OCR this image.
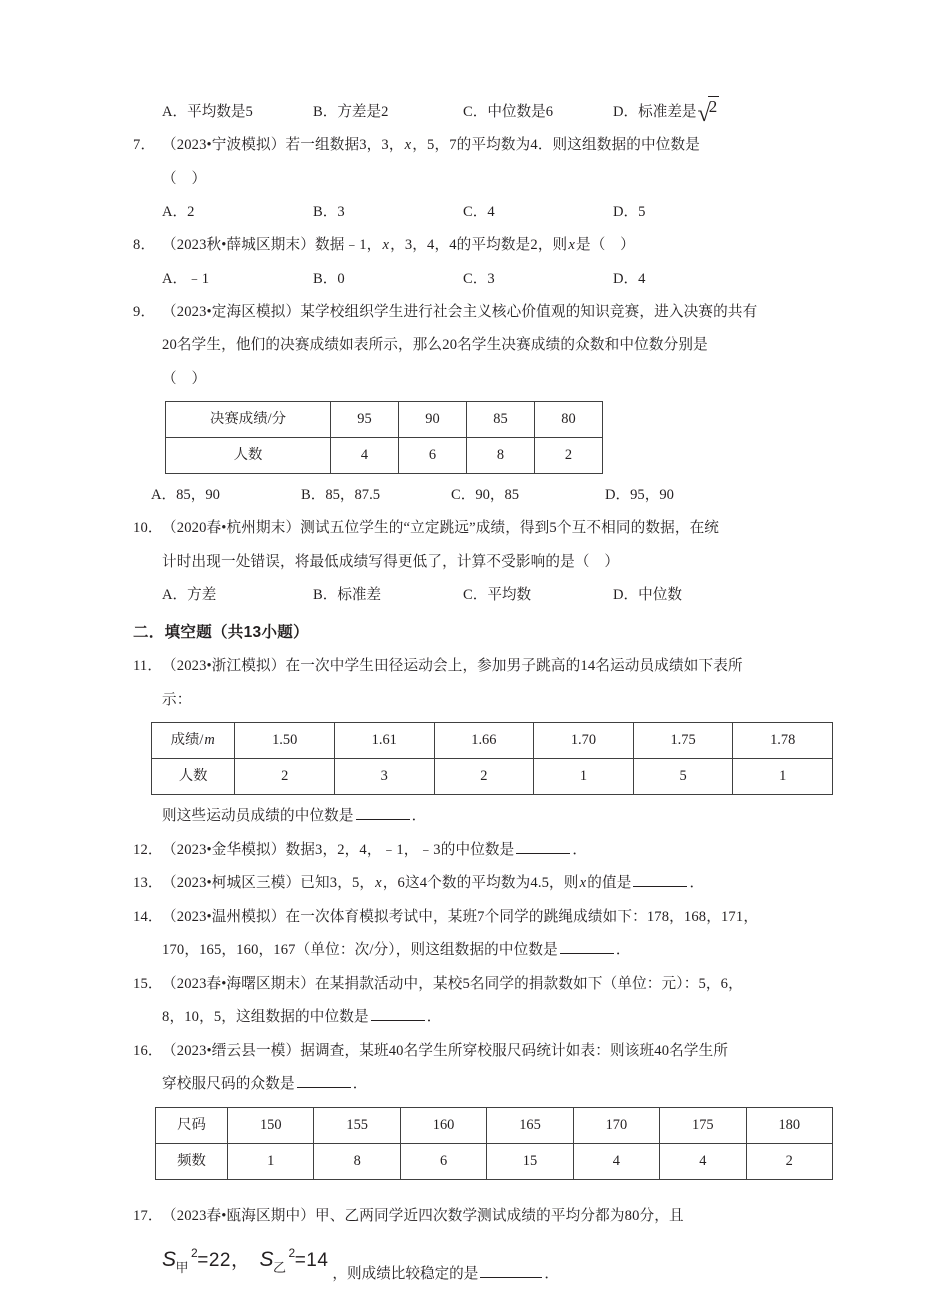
A．平均数是5	B．方差是2	C．中位数是6	D．标准差是√2
7． （2023•宁波模拟）若一组数据3，3，x，5，7的平均数为4．则这组数据的中位数是
（　）
A．2	B．3	C．4	D．5
8． （2023秋•薛城区期末）数据﹣1，x，3，4，4的平均数是2，则x是（　）
A．﹣1	B．0	C．3	D．4
9． （2023•定海区模拟）某学校组织学生进行社会主义核心价值观的知识竞赛，进入决赛的共有
20名学生，他们的决赛成绩如表所示，那么20名学生决赛成绩的众数和中位数分别是
（　）
决赛成绩/分	95	90	85	80
人数	4	6	8	2
A．85，90	B．85，87.5	C．90，85	D．95，90
10．（2020春•杭州期末）测试五位学生的“立定跳远”成绩，得到5个互不相同的数据，在统
计时出现一处错误，将最低成绩写得更低了，计算不受影响的是（　）
A．方差	B．标准差	C．平均数	D．中位数
二．填空题（共13小题）
11．（2023•浙江模拟）在一次中学生田径运动会上，参加男子跳高的14名运动员成绩如下表所
示：
成绩/m	1.50	1.61	1.66	1.70	1.75	1.78
人数	2	3	2	1	5	1
则这些运动员成绩的中位数是	．
12．（2023•金华模拟）数据3，2，4，﹣1，﹣3的中位数是	．
13．（2023•柯城区三模）已知3，5，x，6这4个数的平均数为4.5，则x的值是	．
14．（2023•温州模拟）在一次体育模拟考试中，某班7个同学的跳绳成绩如下：178，168，171，
170，165，160，167（单位：次/分），则这组数据的中位数是	．
15．（2023春•海曙区期末）在某捐款活动中，某校5名同学的捐款数如下（单位：元）：5，6，
8，10，5，这组数据的中位数是	．
16．（2023•缙云县一模）据调查，某班40名学生所穿校服尺码统计如表：则该班40名学生所
穿校服尺码的众数是	．
尺码	150	155	160	165	170	175	180
频数	1	8	6	15	4	4	2
17．（2023春•瓯海区期中）甲、乙两同学近四次数学测试成绩的平均分都为80分，且
$S_甲^2=22$， $S_乙^2=14$，则成绩比较稳定的是	．
